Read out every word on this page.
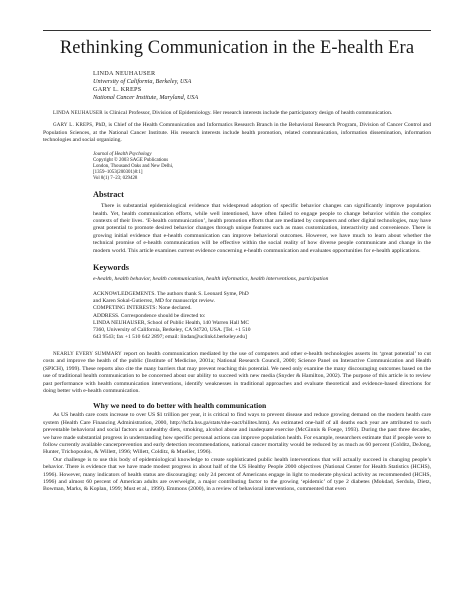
Rethinking Communication in the E-health Era
LINDA NEUHAUSER
University of California, Berkeley, USA
GARY L. KREPS
National Cancer Institute, Maryland, USA

LINDA NEUHAUSER is Clinical Professor, Division of Epidemiology. Her research interests include the participatory design of health communication.

GARY L. KREPS, PhD, is Chief of the Health Communication and Informatics Research Branch in the Behavioral Research Program, Division of Cancer Control and Population Sciences, at the National Cancer Institute. His research interests include health promotion, related communication, information dissemination, information technologies and social organizing.

Journal of Health Psychology
Copyright © 2003 SAGE Publications
London, Thousand Oaks and New Delhi,
[1359–1053(200301)8:1]
Vol 8(1) 7–23; 029428
Abstract

There is substantial epidemiological evidence that widespread adoption of specific behavior changes can significantly improve population health. Yet, health communication efforts, while well intentioned, have often failed to engage people to change behavior within the complex contexts of their lives. ‘E-health communication’, health promotion efforts that are mediated by computers and other digital technologies, may have great potential to promote desired behavior changes through unique features such as mass customization, interactivity and convenience. There is growing initial evidence that e-health communication can improve behavioral outcomes. However, we have much to learn about whether the technical promise of e-health communication will be effective within the social reality of how diverse people communicate and change in the modern world. This article examines current evidence concerning e-health communication and evaluates opportunities for e-health applications.

Keywords

e-health, health behavior, health communication, health informatics, health interventions, participation

ACKNOWLEDGEMENTS. The authors thank S. Leonard Syme, PhD
and Karen Sokal-Gutierrez, MD for manuscript review.
COMPETING INTERESTS: None declared.
ADDRESS. Correspondence should be directed to:
LINDA NEUHAUSER, School of Public Health, 140 Warren Hall MC
7360, University of California, Berkeley, CA 94720, USA. [Tel. +1 510
643 9543; fax +1 510 642 2897; email: lindan@uclink4.berkeley.edu]

NEARLY EVERY SUMMARY report on health communication mediated by the use of computers and other e-health technologies asserts its ‘great potential’ to cut costs and improve the health of the public (Institute of Medicine, 2001a; National Research Council, 2000; Science Panel on Interactive Communication and Health (SPICH), 1999). These reports also cite the many barriers that may prevent reaching this potential. We need only examine the many discouraging outcomes based on the use of traditional health communication to be concerned about our ability to succeed with new media (Snyder & Hamilton, 2002). The purpose of this article is to review past performance with health communication interventions, identify weaknesses in traditional approaches and evaluate theoretical and evidence-based directions for doing better with e-health communication.

Why we need to do better with health communication

As US health care costs increase to over US $1 trillion per year, it is critical to find ways to prevent disease and reduce growing demand on the modern health care system (Health Care Financing Administration, 2000, http://hcfa.hss.ga/stats/nhe-oact/hilites.htm). An estimated one-half of all deaths each year are attributed to such preventable behavioral and social factors as unhealthy diets, smoking, alcohol abuse and inadequate exercise (McGinnis & Foege, 1993). During the past three decades, we have made substantial progress in understanding how specific personal actions can improve population health. For example, researchers estimate that if people were to follow currently available cancerprevention and early detection recommendations, national cancer mortality would be reduced by as much as 60 percent (Colditz, DeJong, Hunter, Trichopoulos, & Willett, 1996; Willett, Colditz, & Mueller, 1996).

Our challenge is to use this body of epidemiological knowledge to create sophisticated public health interventions that will actually succeed in changing people’s behavior. There is evidence that we have made modest progress in about half of the US Healthy People 2000 objectives (National Center for Health Statistics (HCHS), 1996). However, many indicators of health status are discouraging: only 24 percent of Americans engage in light to moderate physical activity as recommended (HCHS, 1996) and almost 60 percent of American adults are overweight, a major contributing factor to the growing ‘epidemic’ of type 2 diabetes (Mokdad, Serdula, Dietz, Bowman, Marks, & Koplan, 1999; Must et al., 1999). Emmons (2000), in a review of behavioral interventions, commented that even
